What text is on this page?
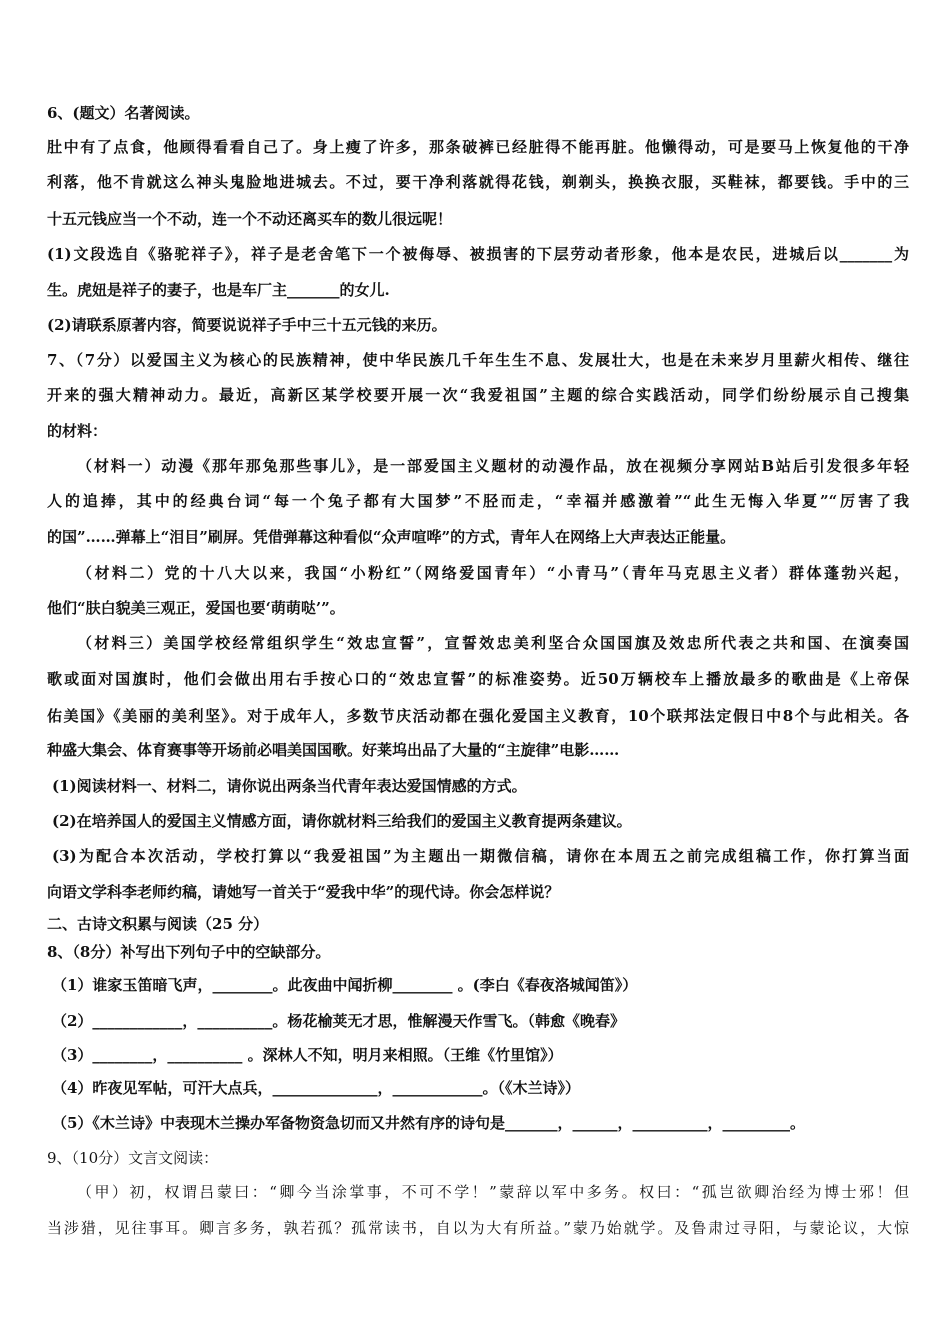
6、(题文）名著阅读。
肚中有了点食，他顾得看看自己了。身上瘦了许多，那条破裤已经脏得不能再脏。他懒得动，可是要马上恢复他的干净
利落，他不肯就这么神头鬼脸地进城去。不过，要干净利落就得花钱，剃剃头，换换衣服，买鞋袜，都要钱。手中的三
十五元钱应当一个不动，连一个不动还离买车的数儿很远呢！
(1)文段选自《骆驼祥子》，祥子是老舍笔下一个被侮辱、被损害的下层劳动者形象，他本是农民，进城后以_______为
生。虎妞是祥子的妻子，也是车厂主_______的女儿.
(2)请联系原著内容，简要说说祥子手中三十五元钱的来历。
7、（7分）以爱国主义为核心的民族精神，使中华民族几千年生生不息、发展壮大，也是在未来岁月里薪火相传、继往
开来的强大精神动力。最近，高新区某学校要开展一次“我爱祖国”主题的综合实践活动，同学们纷纷展示自己搜集
的材料：
（材料一）动漫《那年那兔那些事儿》，是一部爱国主义题材的动漫作品，放在视频分享网站B站后引发很多年轻
人的追捧，其中的经典台词“每一个兔子都有大国梦”不胫而走，“幸福并感激着”“此生无悔入华夏”“厉害了我
的国”……弹幕上“泪目”刷屏。凭借弹幕这种看似“众声喧哗”的方式，青年人在网络上大声表达正能量。
（材料二）党的十八大以来，我国“小粉红”（网络爱国青年）“小青马”（青年马克思主义者）群体蓬勃兴起，
他们“肤白貌美三观正，爱国也要‘萌萌哒’”。
（材料三）美国学校经常组织学生“效忠宣誓”，宣誓效忠美利坚合众国国旗及效忠所代表之共和国、在演奏国
歌或面对国旗时，他们会做出用右手按心口的“效忠宣誓”的标准姿势。近50万辆校车上播放最多的歌曲是《上帝保
佑美国》《美丽的美利坚》。对于成年人，多数节庆活动都在强化爱国主义教育，10个联邦法定假日中8个与此相关。各
种盛大集会、体育赛事等开场前必唱美国国歌。好莱坞出品了大量的“主旋律”电影……
(1)阅读材料一、材料二，请你说出两条当代青年表达爱国情感的方式。
(2)在培养国人的爱国主义情感方面，请你就材料三给我们的爱国主义教育提两条建议。
(3)为配合本次活动，学校打算以“我爱祖国”为主题出一期微信稿，请你在本周五之前完成组稿工作，你打算当面
向语文学科李老师约稿，请她写一首关于“爱我中华”的现代诗。你会怎样说？
二、古诗文积累与阅读（25 分）
8、（8分）补写出下列句子中的空缺部分。
（1）谁家玉笛暗飞声，________。此夜曲中闻折柳________ 。(李白《春夜洛城闻笛》）
（2）____________，__________。杨花榆荚无才思，惟解漫天作雪飞。（韩愈《晚春》
（3）________，__________ 。深林人不知，明月来相照。（王维《竹里馆》）
（4）昨夜见军帖，可汗大点兵，______________，____________。（《木兰诗》）
（5）《木兰诗》中表现木兰操办军备物资急切而又井然有序的诗句是_______，______，__________，_________。
9、（10分）文言文阅读：
（甲）初，权谓吕蒙曰：“卿今当涂掌事，不可不学！”蒙辞以军中多务。权曰：“孤岂欲卿治经为博士邪！但
当涉猎，见往事耳。卿言多务，孰若孤？孤常读书，自以为大有所益。”蒙乃始就学。及鲁肃过寻阳，与蒙论议，大惊
